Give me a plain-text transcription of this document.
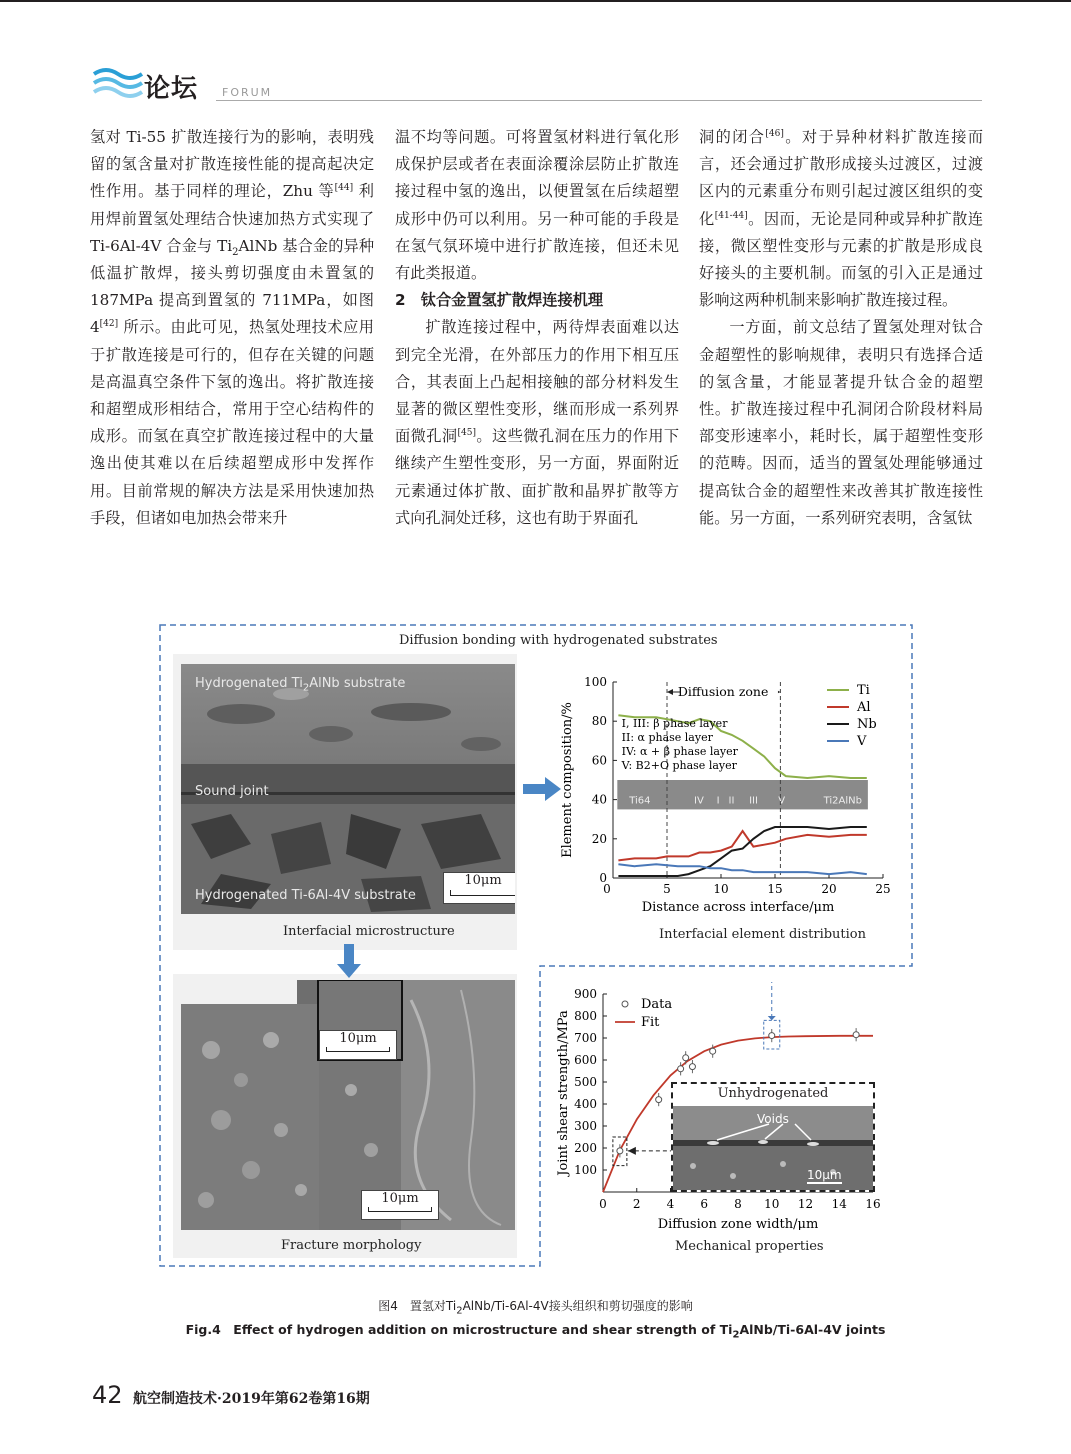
论坛 FORUM

氢对 Ti-55 扩散连接行为的影响，表明残留的氢含量对扩散连接性能的提高起决定性作用。基于同样的理论，Zhu 等[44] 利用焊前置氢处理结合快速加热方式实现了 Ti-6Al-4V 合金与 $Ti_2AlNb$ 基合金的异种低温扩散焊，接头剪切强度由未置氢的 187MPa 提高到置氢的 711MPa，如图 4[42] 所示。由此可见，热氢处理技术应用于扩散连接是可行的，但存在关键的问题是高温真空条件下氢的逸出。将扩散连接和超塑成形相结合，常用于空心结构件的成形。而氢在真空扩散连接过程中的大量逸出使其难以在后续超塑成形中发挥作用。目前常规的解决方法是采用快速加热手段，但诸如电加热会带来升

温不均等问题。可将置氢材料进行氧化形成保护层或者在表面涂覆涂层防止扩散连接过程中氢的逸出，以便置氢在后续超塑成形中仍可以利用。另一种可能的手段是在氢气氛环境中进行扩散连接，但还未见有此类报道。

2　钛合金置氢扩散焊连接机理

扩散连接过程中，两待焊表面难以达到完全光滑，在外部压力的作用下相互压合，其表面上凸起相接触的部分材料发生显著的微区塑性变形，继而形成一系列界面微孔洞[45]。这些微孔洞在压力的作用下继续产生塑性变形，另一方面，界面附近元素通过体扩散、面扩散和晶界扩散等方式向孔洞处迁移，这也有助于界面孔

洞的闭合[46]。对于异种材料扩散连接而言，还会通过扩散形成接头过渡区，过渡区内的元素重分布则引起过渡区组织的变化[41-44]。因而，无论是同种或异种扩散连接，微区塑性变形与元素的扩散是形成良好接头的主要机制。而氢的引入正是通过影响这两种机制来影响扩散连接过程。

一方面，前文总结了置氢处理对钛合金超塑性的影响规律，表明只有选择合适的氢含量，才能显著提升钛合金的超塑性。扩散连接过程中孔洞闭合阶段材料局部变形速率小，耗时长，属于超塑性变形的范畴。因而，适当的置氢处理能够通过提高钛合金的超塑性来改善其扩散连接性能。另一方面，一系列研究表明，含氢钛

Diffusion bonding with hydrogenated substrates
Hydrogenated $Ti_2AlNb$ substrate
Sound joint
Hydrogenated Ti-6Al-4V substrate
10μm
Interfacial microstructure
Ti64	IV I II III V	Ti2AlNb
0
20
40
60
80
100
5	10	15	20	25
0
Distance across interface/μm
Element composition/%
Diffusion zone
I, III: β phase layer
II: α phase layer
IV: α + β phase layer
V: B2+O phase layer
Ti
Al
Nb
V
Interfacial element distribution
10μm
10μm
Fracture morphology
100
200
300
400
500
600
700
800
900
0 2 4 6 8 10 12 14 16
Diffusion zone width/μm
Joint shear strength/MPa
Data
Fit
Mechanical properties
Unhydrogenated
Voids
10μm
图4　置氢对$Ti_2AlNb/Ti-6Al-4V$接头组织和剪切强度的影响
Fig.4　Effect of hydrogen addition on microstructure and shear strength of $Ti_2AlNb/Ti-6Al-4V$ joints
42 航空制造技术·2019年第62卷第16期
